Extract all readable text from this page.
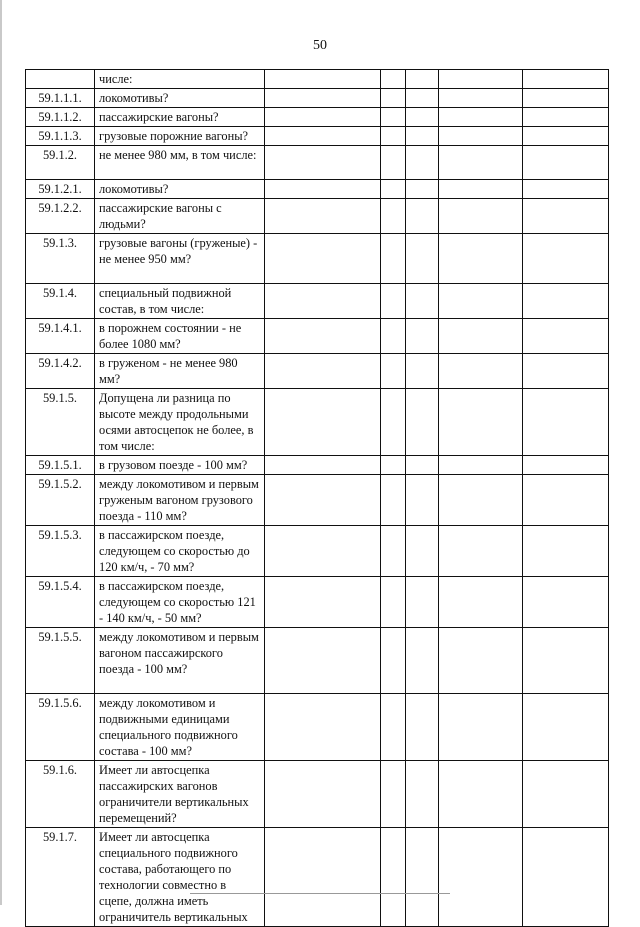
50
	числе:					
59.1.1.1.	локомотивы?					
59.1.1.2.	пассажирские вагоны?					
59.1.1.3.	грузовые порожние вагоны?					
59.1.2.	не менее 980 мм, в том числе:					
59.1.2.1.	локомотивы?					
59.1.2.2.	пассажирские вагоны с людьми?					
59.1.3.	грузовые вагоны (груженые) - не менее 950 мм?					
59.1.4.	специальный подвижной состав, в том числе:					
59.1.4.1.	в порожнем состоянии - не более 1080 мм?					
59.1.4.2.	в груженом - не менее 980 мм?					
59.1.5.	Допущена ли разница по высоте между продольными осями автосцепок не более, в том числе:					
59.1.5.1.	в грузовом поезде - 100 мм?					
59.1.5.2.	между локомотивом и первым груженым вагоном грузового поезда - 110 мм?					
59.1.5.3.	в пассажирском поезде, следующем со скоростью до 120 км/ч, - 70 мм?					
59.1.5.4.	в пассажирском поезде, следующем со скоростью 121 - 140 км/ч, - 50 мм?					
59.1.5.5.	между локомотивом и первым вагоном пассажирского поезда - 100 мм?					
59.1.5.6.	между локомотивом и подвижными единицами специального подвижного состава - 100 мм?					
59.1.6.	Имеет ли автосцепка пассажирских вагонов ограничители вертикальных перемещений?					
59.1.7.	Имеет ли автосцепка специального подвижного состава, работающего по технологии совместно в сцепе, должна иметь ограничитель вертикальных					
